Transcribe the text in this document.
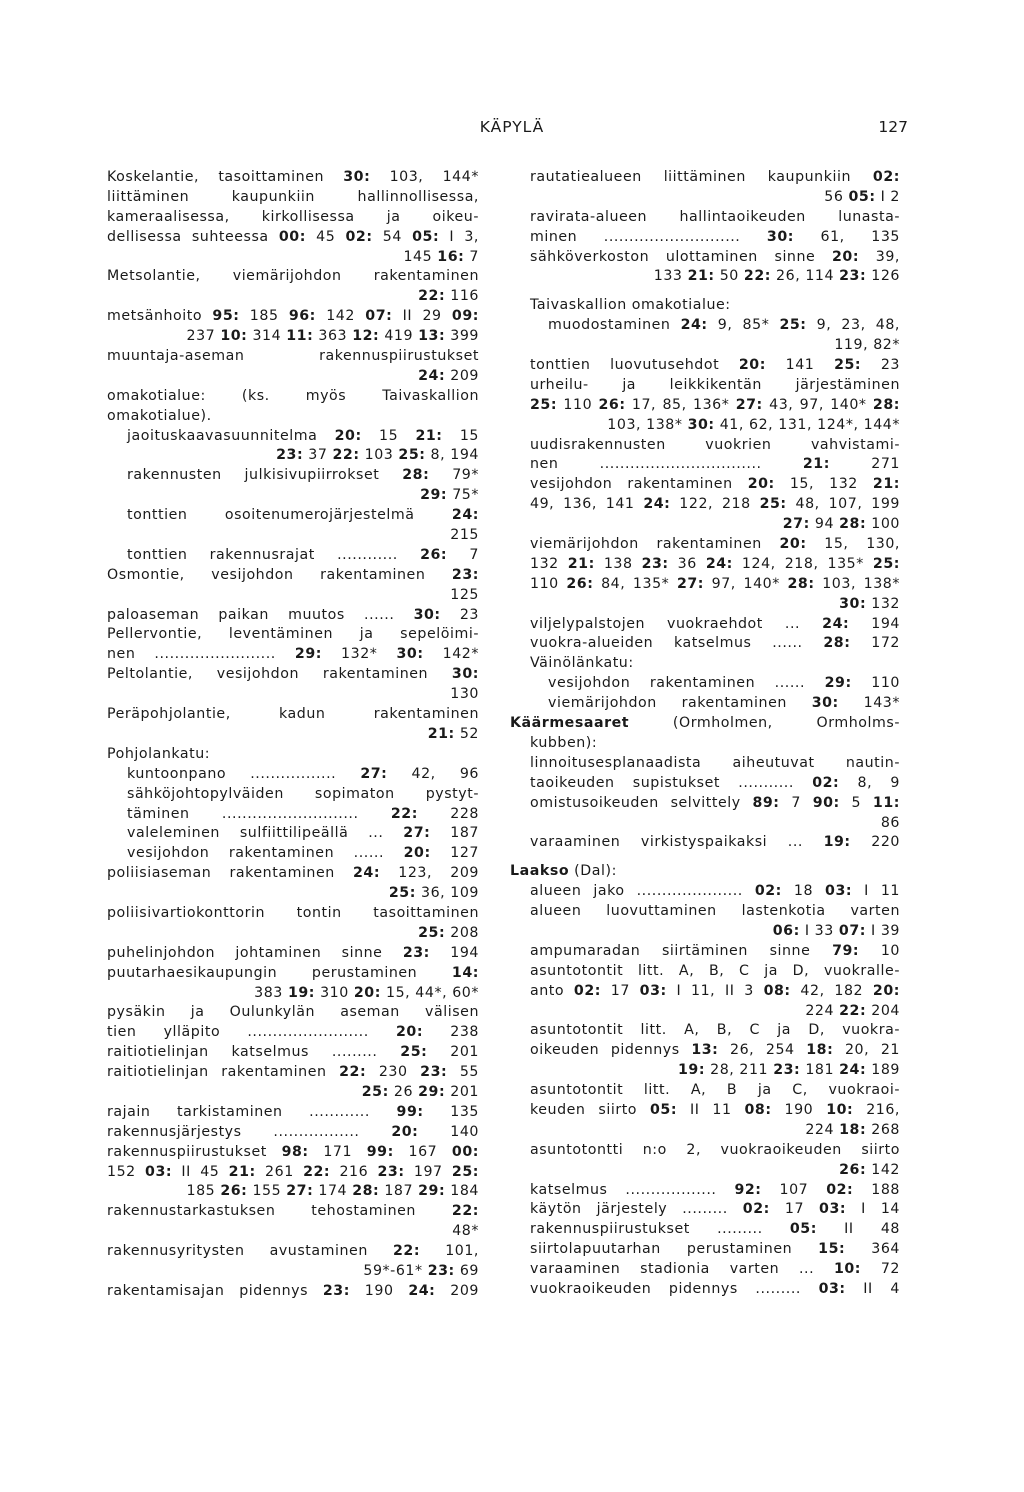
KÄPYLÄ	127
Koskelantie, tasoittaminen 30: 103, 144*
liittäminen kaupunkiin hallinnollisessa,
kameraalisessa, kirkollisessa ja oikeu-
dellisessa suhteessa 00: 45 02: 54 05: I 3,
145 16: 7
Metsolantie, viemärijohdon rakentaminen
22: 116
metsänhoito 95: 185 96: 142 07: II 29 09:
237 10: 314 11: 363 12: 419 13: 399
muuntaja-aseman rakennuspiirustukset
24: 209
omakotialue: (ks. myös Taivaskallion
omakotialue).
jaoituskaavasuunnitelma 20: 15 21: 15
23: 37 22: 103 25: 8, 194
rakennusten julkisivupiirrokset 28: 79*
29: 75*
tonttien osoitenumerojärjestelmä 24:
215
tonttien rakennusrajat ............ 26: 7
Osmontie, vesijohdon rakentaminen 23:
125
paloaseman paikan muutos ...... 30: 23
Pellervontie, leventäminen ja sepelöimi-
nen ........................ 29: 132* 30: 142*
Peltolantie, vesijohdon rakentaminen 30:
130
Peräpohjolantie, kadun rakentaminen
21: 52
Pohjolankatu:
kuntoonpano ................. 27: 42, 96
sähköjohtopylväiden sopimaton pystyt-
täminen ........................... 22: 228
valeleminen sulfiittilipeällä ... 27: 187
vesijohdon rakentaminen ...... 20: 127
poliisiaseman rakentaminen 24: 123, 209
25: 36, 109
poliisivartiokonttorin tontin tasoittaminen
25: 208
puhelinjohdon johtaminen sinne 23: 194
puutarhaesikaupungin perustaminen 14:
383 19: 310 20: 15, 44*, 60*
pysäkin ja Oulunkylän aseman välisen
tien ylläpito ........................ 20: 238
raitiotielinjan katselmus ......... 25: 201
raitiotielinjan rakentaminen 22: 230 23: 55
25: 26 29: 201
rajain tarkistaminen ............ 99: 135
rakennusjärjestys ................. 20: 140
rakennuspiirustukset 98: 171 99: 167 00:
152 03: II 45 21: 261 22: 216 23: 197 25:
185 26: 155 27: 174 28: 187 29: 184
rakennustarkastuksen tehostaminen 22:
48*
rakennusyritysten avustaminen 22: 101,
59*-61* 23: 69
rakentamisajan pidennys 23: 190 24: 209
rautatiealueen liittäminen kaupunkiin 02:
56 05: I 2
ravirata-alueen hallintaoikeuden lunasta-
minen ........................... 30: 61, 135
sähköverkoston ulottaminen sinne 20: 39,
133 21: 50 22: 26, 114 23: 126
Taivaskallion omakotialue:
muodostaminen 24: 9, 85* 25: 9, 23, 48,
119, 82*
tonttien luovutusehdot 20: 141 25: 23
urheilu- ja leikkikentän järjestäminen
25: 110 26: 17, 85, 136* 27: 43, 97, 140* 28:
103, 138* 30: 41, 62, 131, 124*, 144*
uudisrakennusten vuokrien vahvistami-
nen ................................ 21: 271
vesijohdon rakentaminen 20: 15, 132 21:
49, 136, 141 24: 122, 218 25: 48, 107, 199
27: 94 28: 100
viemärijohdon rakentaminen 20: 15, 130,
132 21: 138 23: 36 24: 124, 218, 135* 25:
110 26: 84, 135* 27: 97, 140* 28: 103, 138*
30: 132
viljelypalstojen vuokraehdot ... 24: 194
vuokra-alueiden katselmus ...... 28: 172
Väinölänkatu:
vesijohdon rakentaminen ...... 29: 110
viemärijohdon rakentaminen 30: 143*
Käärmesaaret (Ormholmen, Ormholms-
kubben):
linnoitusesplanaadista aiheutuvat nautin-
taoikeuden supistukset ........... 02: 8, 9
omistusoikeuden selvittely 89: 7 90: 5 11:
86
varaaminen virkistyspaikaksi ... 19: 220
Laakso (Dal):
alueen jako ..................... 02: 18 03: I 11
alueen luovuttaminen lastenkotia varten
06: I 33 07: I 39
ampumaradan siirtäminen sinne 79: 10
asuntotontit litt. A, B, C ja D, vuokralle-
anto 02: 17 03: I 11, II 3 08: 42, 182 20:
224 22: 204
asuntotontit litt. A, B, C ja D, vuokra-
oikeuden pidennys 13: 26, 254 18: 20, 21
19: 28, 211 23: 181 24: 189
asuntotontit litt. A, B ja C, vuokraoi-
keuden siirto 05: II 11 08: 190 10: 216,
224 18: 268
asuntotontti n:o 2, vuokraoikeuden siirto
26: 142
katselmus .................. 92: 107 02: 188
käytön järjestely ......... 02: 17 03: I 14
rakennuspiirustukset ......... 05: II 48
siirtolapuutarhan perustaminen 15: 364
varaaminen stadionia varten ... 10: 72
vuokraoikeuden pidennys ......... 03: II 4
